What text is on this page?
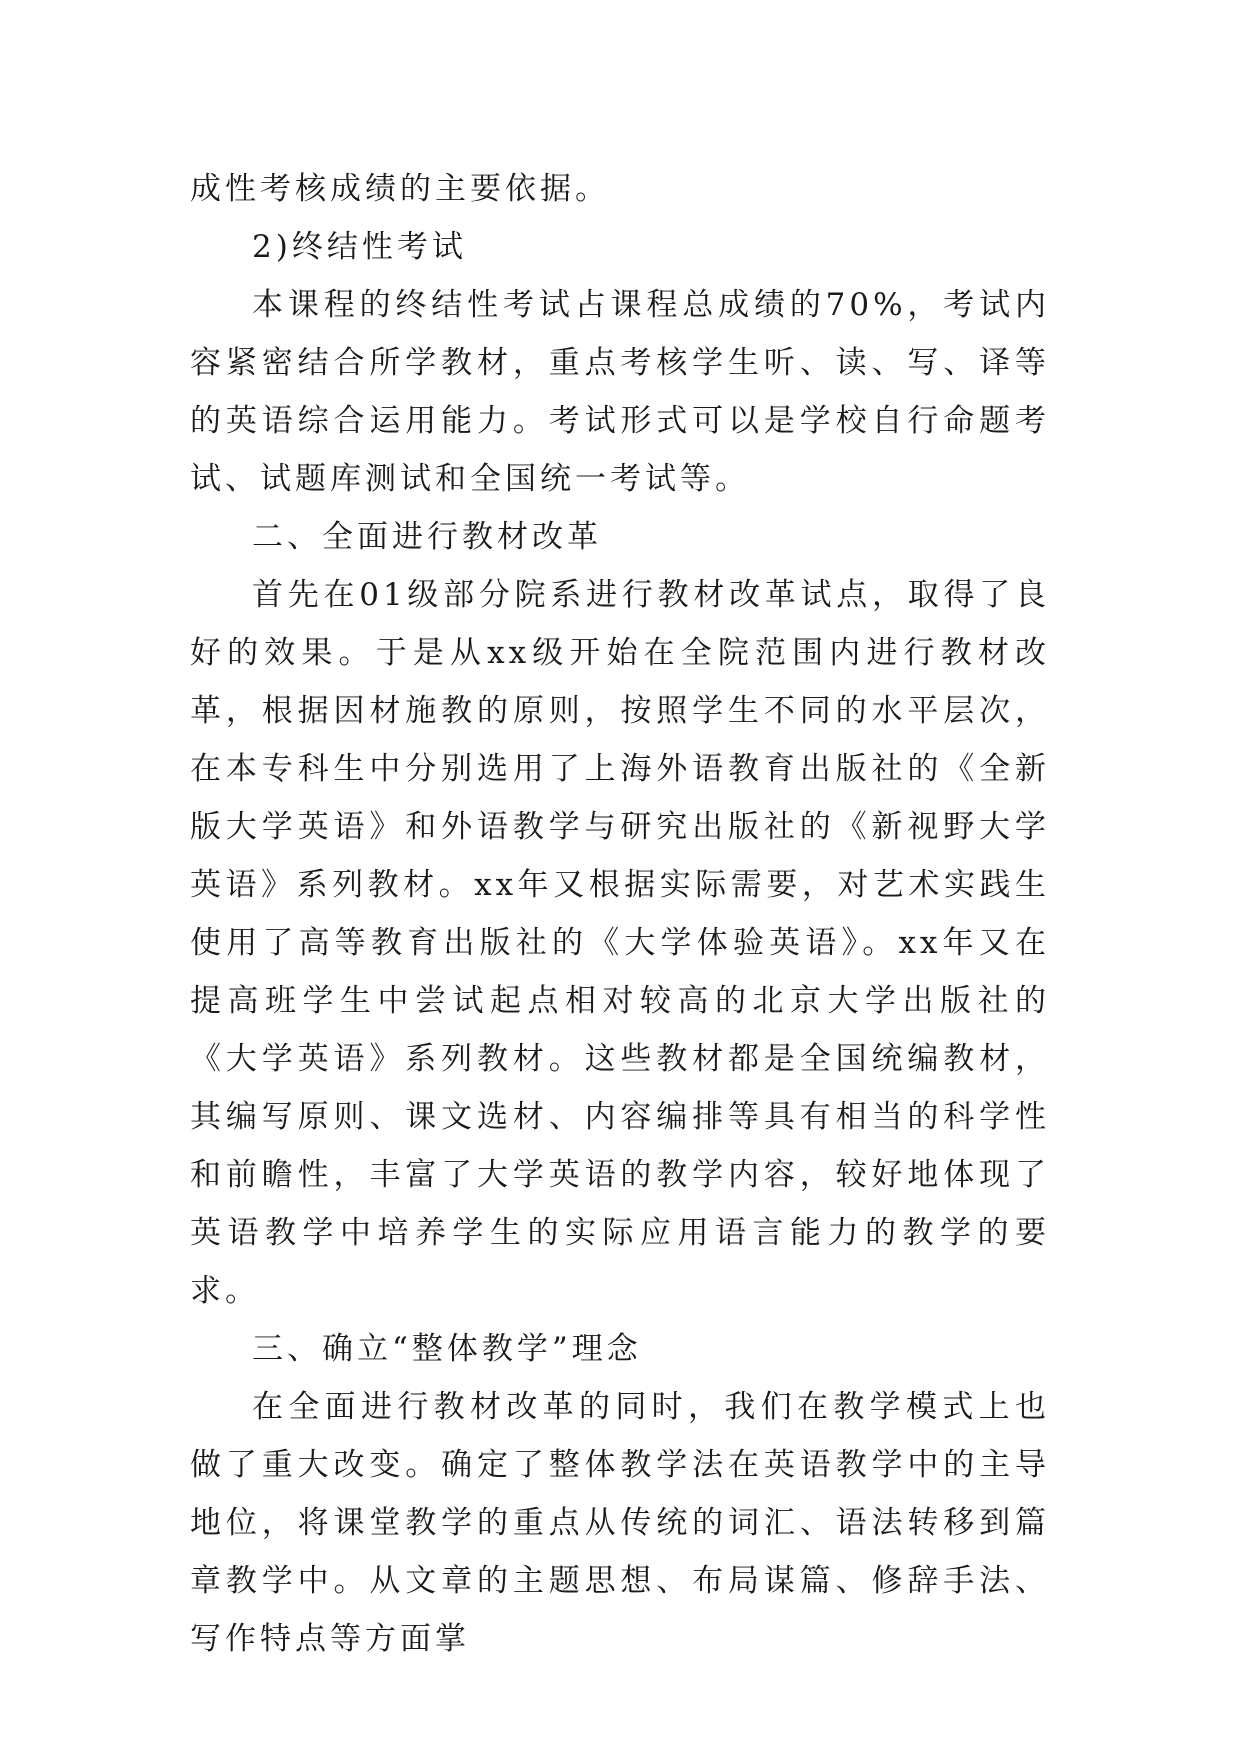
成性考核成绩的主要依据。

2)终结性考试

本课程的终结性考试占课程总成绩的70%，考试内容紧密结合所学教材，重点考核学生听、读、写、译等的英语综合运用能力。考试形式可以是学校自行命题考试、试题库测试和全国统一考试等。

二、全面进行教材改革

首先在01级部分院系进行教材改革试点，取得了良好的效果。于是从xx级开始在全院范围内进行教材改革，根据因材施教的原则，按照学生不同的水平层次，在本专科生中分别选用了上海外语教育出版社的《全新版大学英语》和外语教学与研究出版社的《新视野大学英语》系列教材。xx年又根据实际需要，对艺术实践生使用了高等教育出版社的《大学体验英语》。xx年又在提高班学生中尝试起点相对较高的北京大学出版社的《大学英语》系列教材。这些教材都是全国统编教材，其编写原则、课文选材、内容编排等具有相当的科学性和前瞻性，丰富了大学英语的教学内容，较好地体现了英语教学中培养学生的实际应用语言能力的教学的要求。

三、确立“整体教学”理念

在全面进行教材改革的同时，我们在教学模式上也做了重大改变。确定了整体教学法在英语教学中的主导地位，将课堂教学的重点从传统的词汇、语法转移到篇章教学中。从文章的主题思想、布局谋篇、修辞手法、写作特点等方面掌
